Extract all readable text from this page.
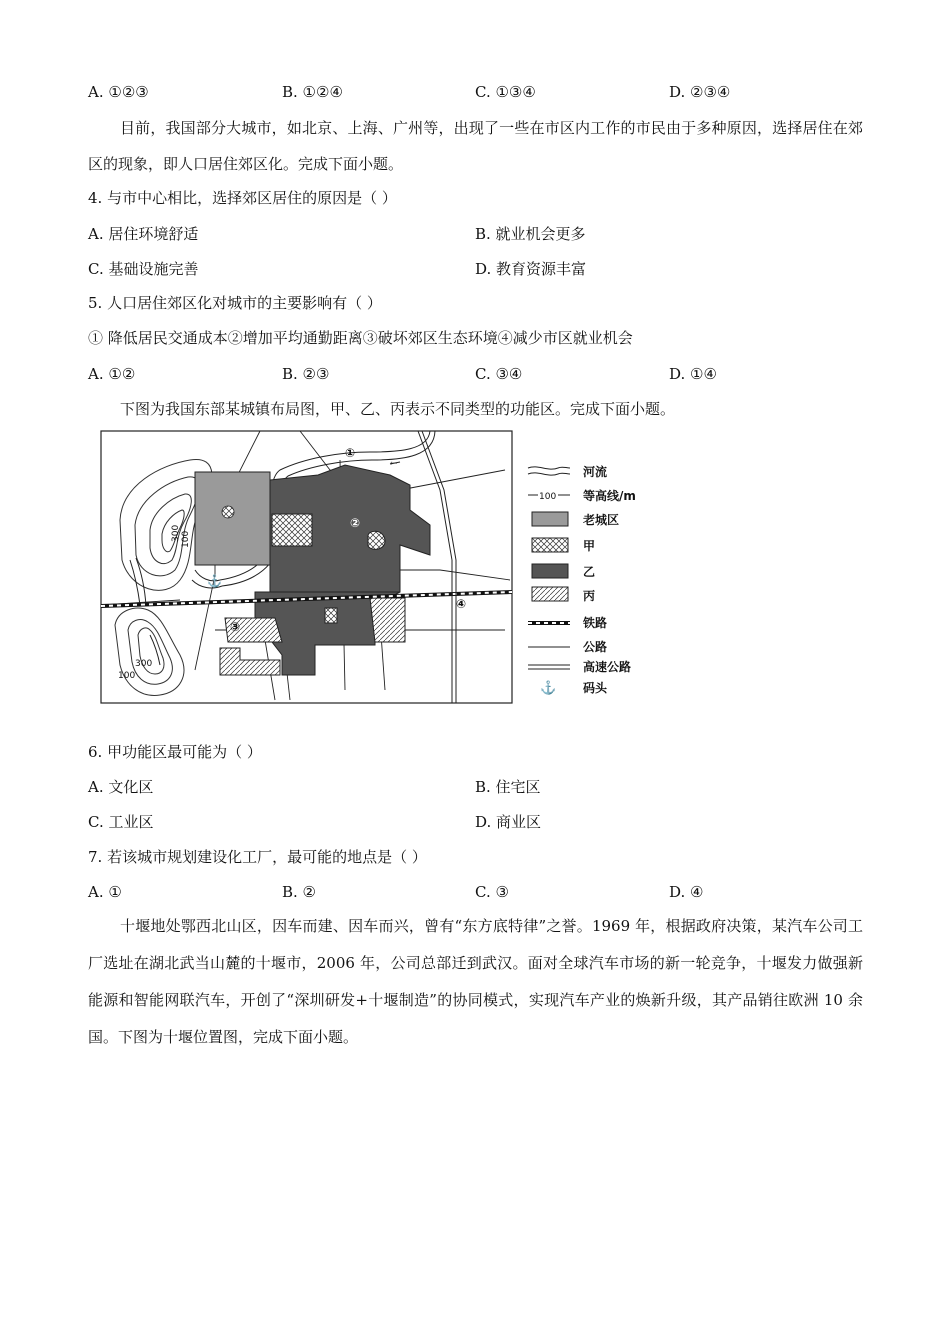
A. ①②③	B. ①②④	C. ①③④	D. ②③④
目前，我国部分大城市，如北京、上海、广州等，出现了一些在市区内工作的市民由于多种原因，选择居住在郊区的现象，即人口居住郊区化。完成下面小题。
4. 与市中心相比，选择郊区居住的原因是（ ）
A. 居住环境舒适	B. 就业机会更多
C. 基础设施完善	D. 教育资源丰富
5. 人口居住郊区化对城市的主要影响有（ ）
① 降低居民交通成本②增加平均通勤距离③破坏郊区生态环境④减少市区就业机会
A. ①②	B. ②③	C. ③④	D. ①④
下图为我国东部某城镇布局图，甲、乙、丙表示不同类型的功能区。完成下面小题。
300 100
300
100
←
⚓
①
②
③
④
河流
100 等高线/m
老城区
甲
乙
丙
铁路
公路
高速公路
⚓ 码头
6. 甲功能区最可能为（ ）
A. 文化区	B. 住宅区
C. 工业区	D. 商业区
7. 若该城市规划建设化工厂，最可能的地点是（ ）
A. ①	B. ②	C. ③	D. ④
十堰地处鄂西北山区，因车而建、因车而兴，曾有“东方底特律”之誉。1969 年，根据政府决策，某汽车公司工厂选址在湖北武当山麓的十堰市，2006 年，公司总部迁到武汉。面对全球汽车市场的新一轮竞争，十堰发力做强新能源和智能网联汽车，开创了“深圳研发+十堰制造”的协同模式，实现汽车产业的焕新升级，其产品销往欧洲 10 余国。下图为十堰位置图，完成下面小题。
